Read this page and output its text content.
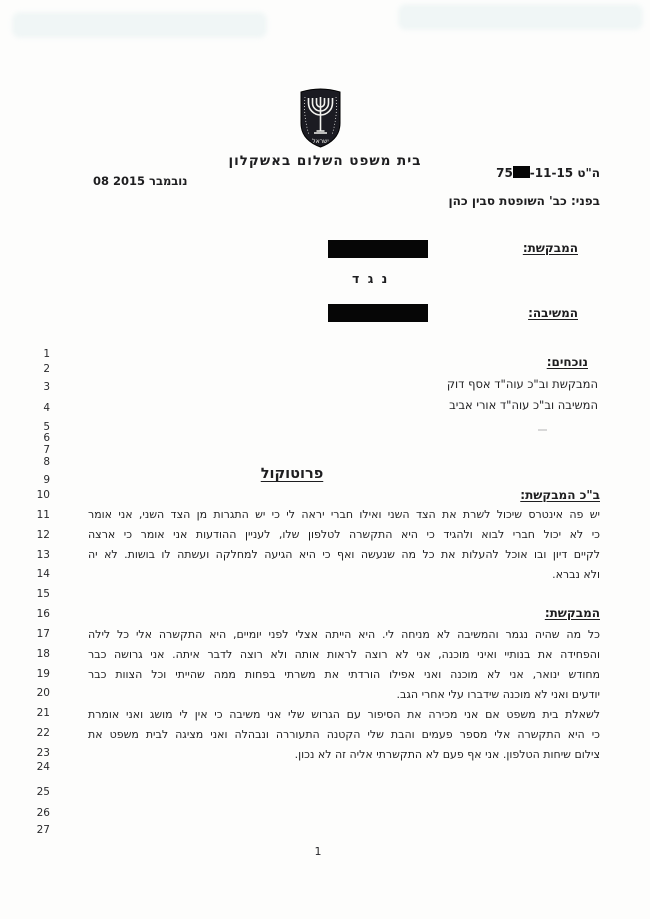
ישראל
בית משפט השלום באשקלון
ה"ט 75 -11-15
08 נובמבר 2015
בפני: כב' השופטת סבין כהן
המבקשת:
נ ג ד
המשיבה:
נוכחים:
המבקשת וב"כ עוה"ד אסף דוק
המשיבה וב"כ עוה"ד אורי אביב
1
2
3
4
5
6
7
8
9
10
11
12
13
14
15
16
17
18
19
20
21
22
23
24
25
26
27
פרוטוקול
ב"כ המבקשת:
יש פה אינטרס שיכול לשרת את הצד השני ואילו חברי יראה לי כי יש התגרות מן הצד השני, אני אומר
כי לא יכול חברי לבוא ולהגיד כי היא התקשרה לטלפון שלו, לעניין ההודעות אני אומר כי ארצה
לקיים דיון ובו אוכל להעלות את כל מה שנעשה ואף כי היא הגיעה למחלקה ועשתה לו בושות. לא יה
ולא נברא.
המבקשת:
כל מה שהיה נגמר והמשיבה לא מניחה לי. היא הייתה אצלי לפני יומיים, היא התקשרה אלי כל לילה
והפחידה את בנותיי ואיני מוכנה, אני לא רוצה לראות אותה ולא רוצה לדבר איתה. אני גרושה כבר
מחודש ינואר, אני לא מוכנה ואני אפילו הורדתי את משרתי בפחות ממה שהייתי וכל הצוות כבר
יודעים ואני לא מוכנה שידברו עלי אחרי הגב.
לשאלת בית משפט אם אני מכירה את הסיפור עם הגרוש שלי אני משיבה כי אין לי מושג ואני אומרת
כי היא התקשרה אלי מספר פעמים והבת שלי הקטנה התעוררה ונבהלה ואני מציגה לבית משפט את
צילום שיחות הטלפון. אני אף פעם לא התקשרתי אליה זה לא נכון.
1
